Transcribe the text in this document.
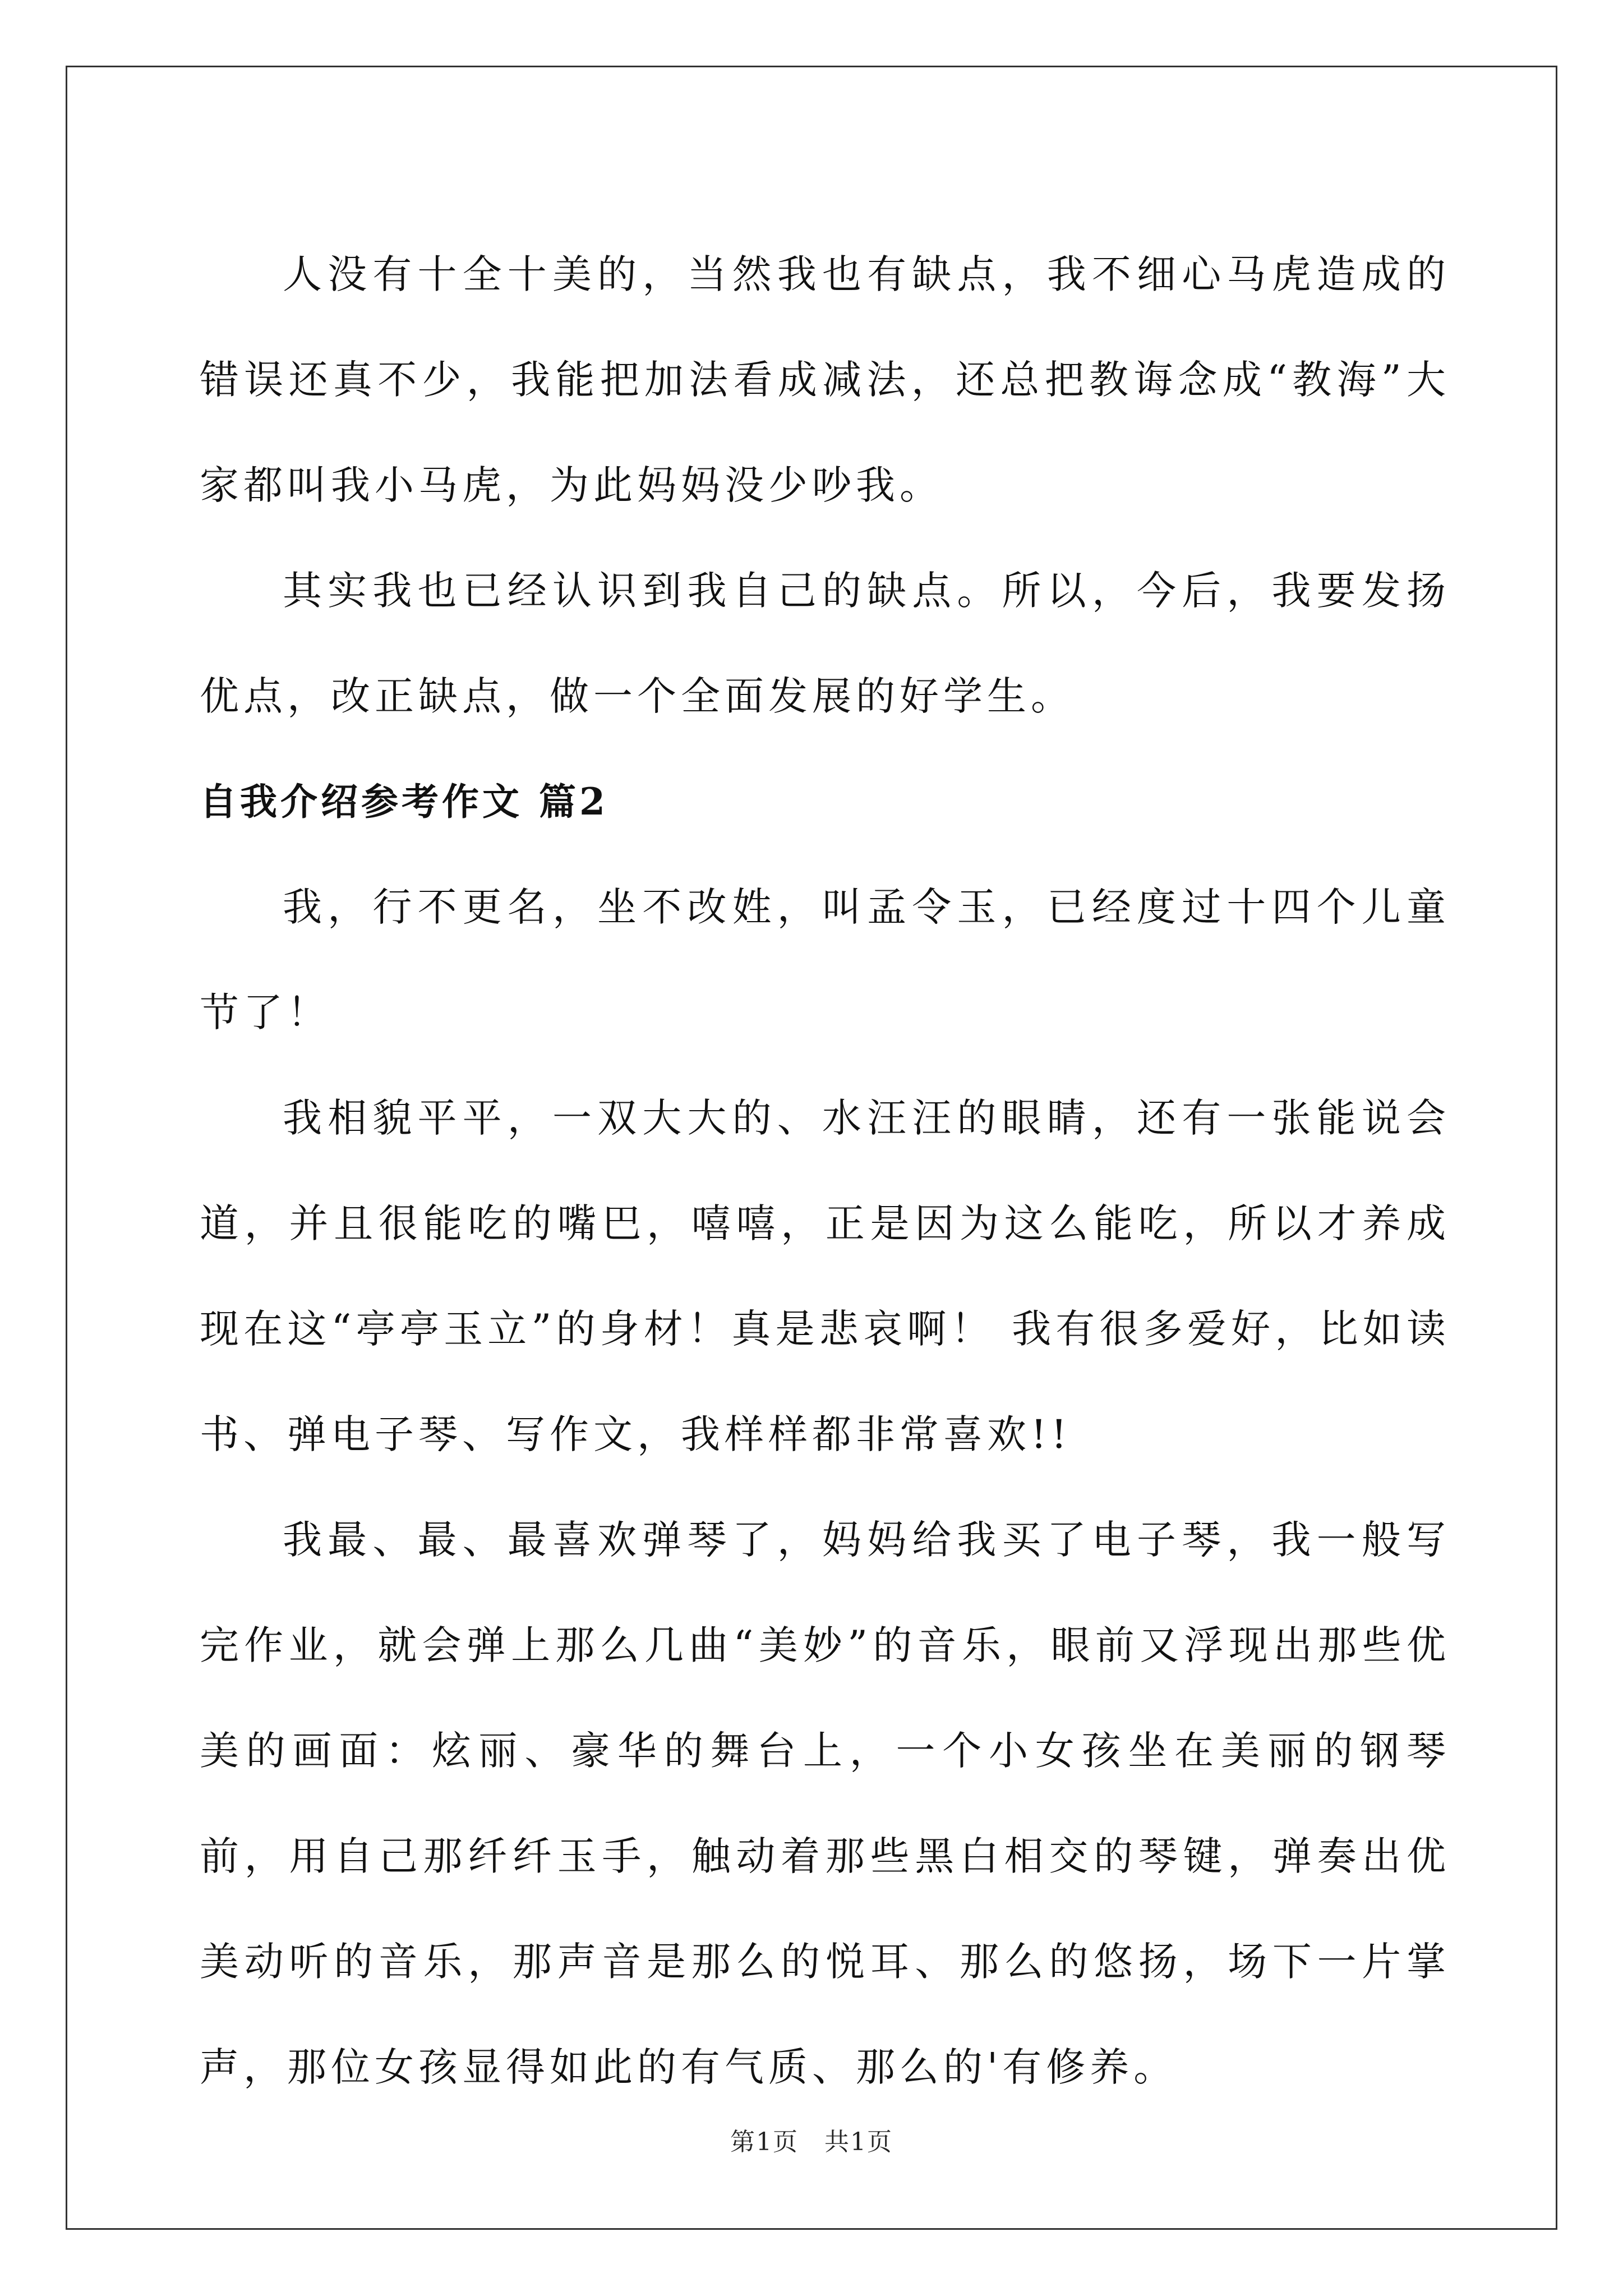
人没有十全十美的，当然我也有缺点，我不细心马虎造成的错误还真不少，我能把加法看成减法，还总把教诲念成“教海”大家都叫我小马虎，为此妈妈没少吵我。

其实我也已经认识到我自己的缺点。所以，今后，我要发扬优点，改正缺点，做一个全面发展的好学生。

自我介绍参考作文 篇2

我，行不更名，坐不改姓，叫孟令玉，已经度过十四个儿童节了！

我相貌平平，一双大大的、水汪汪的眼睛，还有一张能说会道，并且很能吃的嘴巴，嘻嘻，正是因为这么能吃，所以才养成现在这“亭亭玉立”的身材！真是悲哀啊！ 我有很多爱好，比如读书、弹电子琴、写作文，我样样都非常喜欢!!

我最、最、最喜欢弹琴了，妈妈给我买了电子琴，我一般写完作业，就会弹上那么几曲“美妙”的音乐，眼前又浮现出那些优美的画面：炫丽、豪华的舞台上，一个小女孩坐在美丽的钢琴前，用自己那纤纤玉手，触动着那些黑白相交的琴键，弹奏出优美动听的音乐，那声音是那么的悦耳、那么的悠扬，场下一片掌声，那位女孩显得如此的有气质、那么的'有修养。

第1页　共1页
